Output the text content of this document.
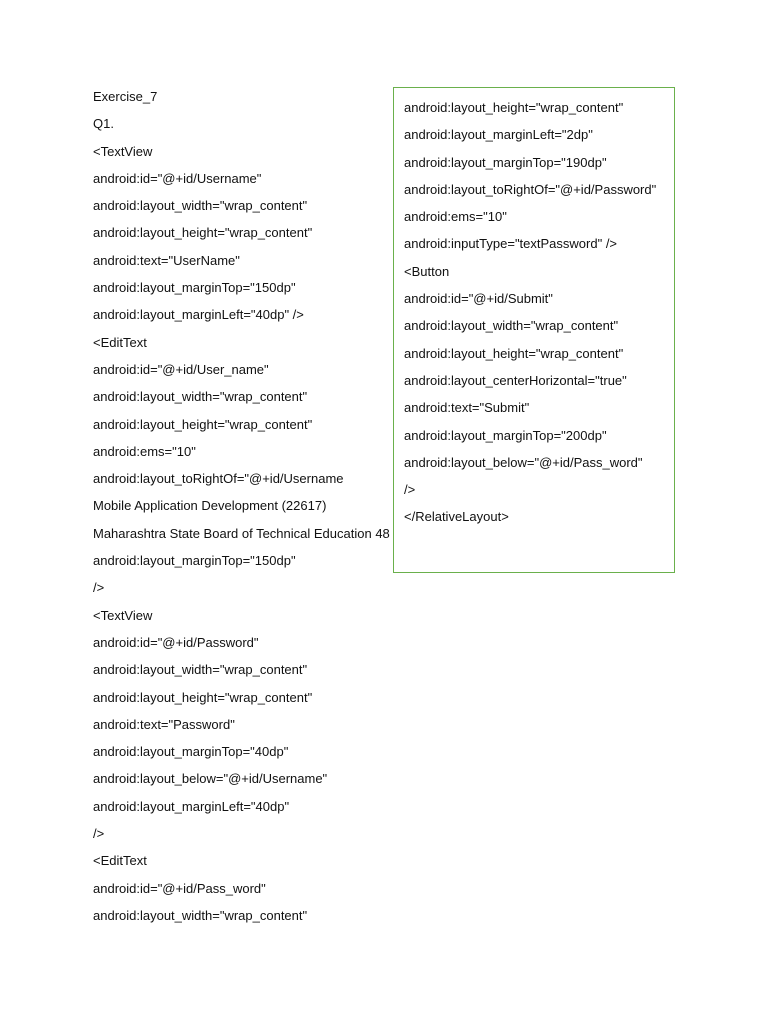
Exercise_7
Q1.
<TextView
android:id="@+id/Username"
android:layout_width="wrap_content"
android:layout_height="wrap_content"
android:text="UserName"
android:layout_marginTop="150dp"
android:layout_marginLeft="40dp" />
<EditText
android:id="@+id/User_name"
android:layout_width="wrap_content"
android:layout_height="wrap_content"
android:ems="10"
android:layout_toRightOf="@+id/Username
Mobile Application Development (22617)
Maharashtra State Board of Technical Education 48
android:layout_marginTop="150dp"
/>
<TextView
android:id="@+id/Password"
android:layout_width="wrap_content"
android:layout_height="wrap_content"
android:text="Password"
android:layout_marginTop="40dp"
android:layout_below="@+id/Username"
android:layout_marginLeft="40dp"
/>
<EditText
android:id="@+id/Pass_word"
android:layout_width="wrap_content"
android:layout_height="wrap_content"
android:layout_marginLeft="2dp"
android:layout_marginTop="190dp"
android:layout_toRightOf="@+id/Password"
android:ems="10"
android:inputType="textPassword" />
<Button
android:id="@+id/Submit"
android:layout_width="wrap_content"
android:layout_height="wrap_content"
android:layout_centerHorizontal="true"
android:text="Submit"
android:layout_marginTop="200dp"
android:layout_below="@+id/Pass_word"
/>
</RelativeLayout>
